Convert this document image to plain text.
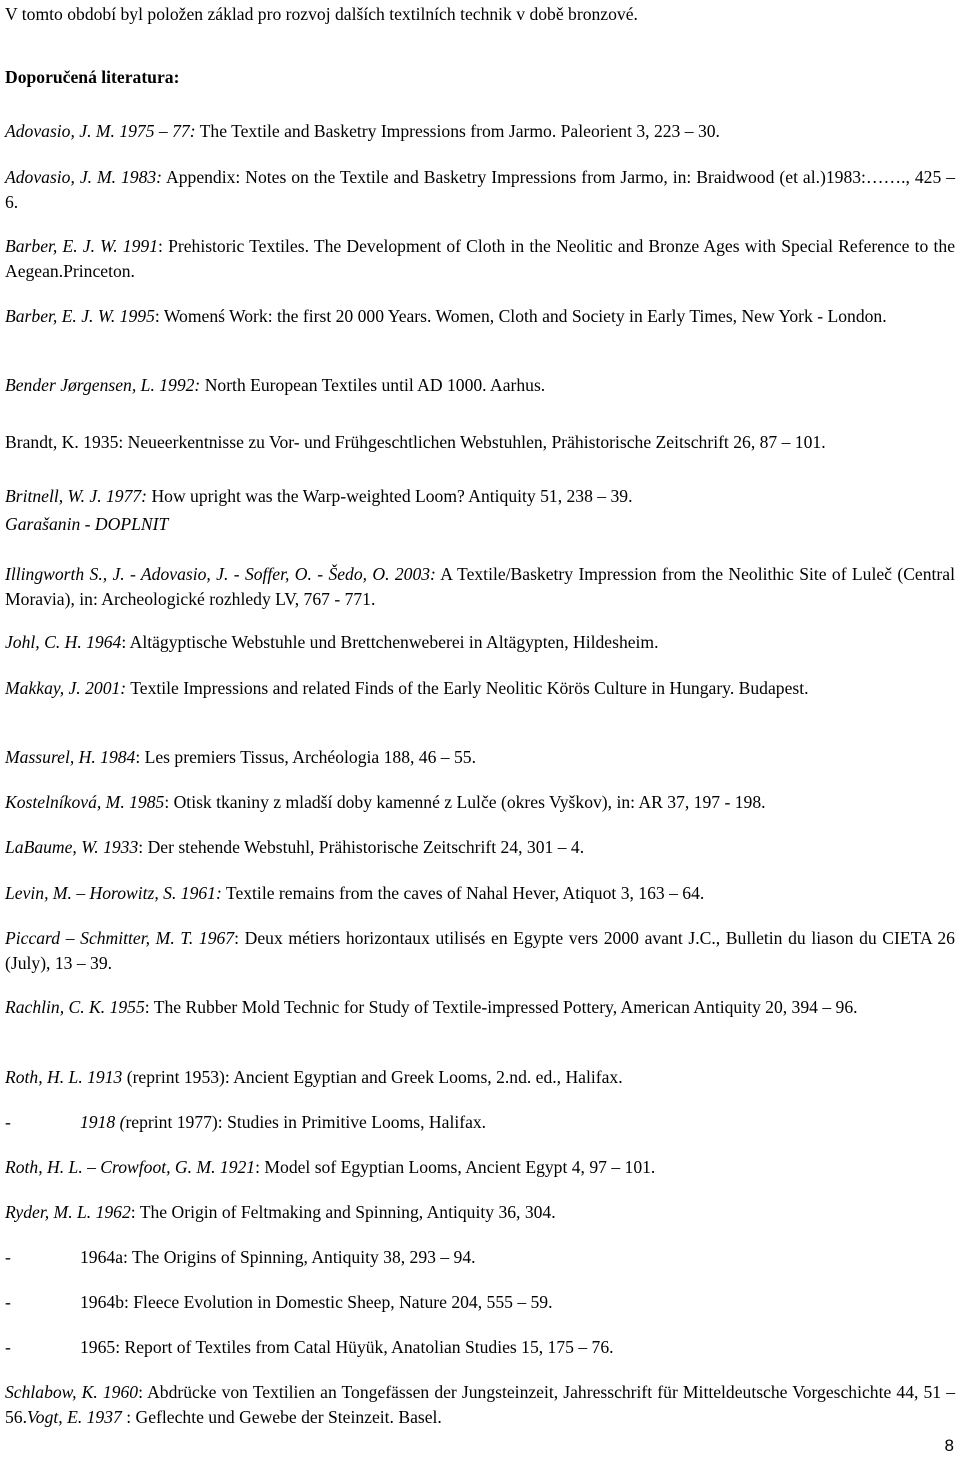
V tomto období byl položen základ pro rozvoj dalších textilních technik v době bronzové.
Doporučená literatura:
Adovasio, J. M. 1975 – 77: The Textile and Basketry Impressions from Jarmo. Paleorient 3, 223 – 30.
Adovasio, J. M. 1983: Appendix: Notes on the Textile and Basketry Impressions from Jarmo, in: Braidwood (et al.)1983:……., 425 – 6.
Barber, E. J. W. 1991: Prehistoric Textiles. The Development of Cloth in the Neolitic and Bronze Ages with Special Reference to the Aegean.Princeton.
Barber, E. J. W. 1995: Womenś Work: the first 20 000 Years. Women, Cloth and Society in Early Times, New York - London.
Bender Jørgensen, L. 1992: North European Textiles until AD 1000. Aarhus.
Brandt, K. 1935: Neueerkentnisse zu Vor- und Frühgeschtlichen Webstuhlen, Prähistorische Zeitschrift 26, 87 – 101.
Britnell, W. J. 1977: How upright was the Warp-weighted Loom? Antiquity 51, 238 – 39.
Garašanin - DOPLNIT
Illingworth S., J. - Adovasio, J. - Soffer, O. - Šedo, O. 2003: A Textile/Basketry Impression from the Neolithic Site of Luleč (Central Moravia), in: Archeologické rozhledy LV, 767 - 771.
Johl, C. H. 1964: Altägyptische Webstuhle und Brettchenweberei in Altägypten, Hildesheim.
Makkay, J. 2001: Textile Impressions and related Finds of the Early Neolitic Körös Culture in Hungary. Budapest.
Massurel, H. 1984: Les premiers Tissus, Archéologia 188, 46 – 55.
Kostelníková, M. 1985: Otisk tkaniny z mladší doby kamenné z Lulče (okres Vyškov), in: AR 37, 197 - 198.
LaBaume, W. 1933: Der stehende Webstuhl, Prähistorische Zeitschrift 24, 301 – 4.
Levin, M. – Horowitz, S. 1961: Textile remains from the caves of Nahal Hever, Atiquot 3, 163 – 64.
Piccard – Schmitter, M. T. 1967: Deux métiers horizontaux utilisés en Egypte vers 2000 avant J.C., Bulletin du liason du CIETA 26 (July), 13 – 39.
Rachlin, C. K. 1955: The Rubber Mold Technic for Study of Textile-impressed Pottery, American Antiquity 20, 394 – 96.
Roth, H. L. 1913 (reprint 1953): Ancient Egyptian and Greek Looms, 2.nd. ed., Halifax.
-	1918 (reprint 1977): Studies in Primitive Looms, Halifax.
Roth, H. L. – Crowfoot, G. M. 1921: Model sof Egyptian Looms, Ancient Egypt 4, 97 – 101.
Ryder, M. L. 1962: The Origin of Feltmaking and Spinning, Antiquity 36, 304.
-	1964a: The Origins of Spinning, Antiquity 38, 293 – 94.
-	1964b: Fleece Evolution in Domestic Sheep, Nature 204, 555 – 59.
-	1965: Report of Textiles from Catal Hüyük, Anatolian Studies 15, 175 – 76.
Schlabow, K. 1960: Abdrücke von Textilien an Tongefässen der Jungsteinzeit, Jahresschrift für Mitteldeutsche Vorgeschichte 44, 51 – 56.Vogt, E. 1937 : Geflechte und Gewebe der Steinzeit. Basel.
8
